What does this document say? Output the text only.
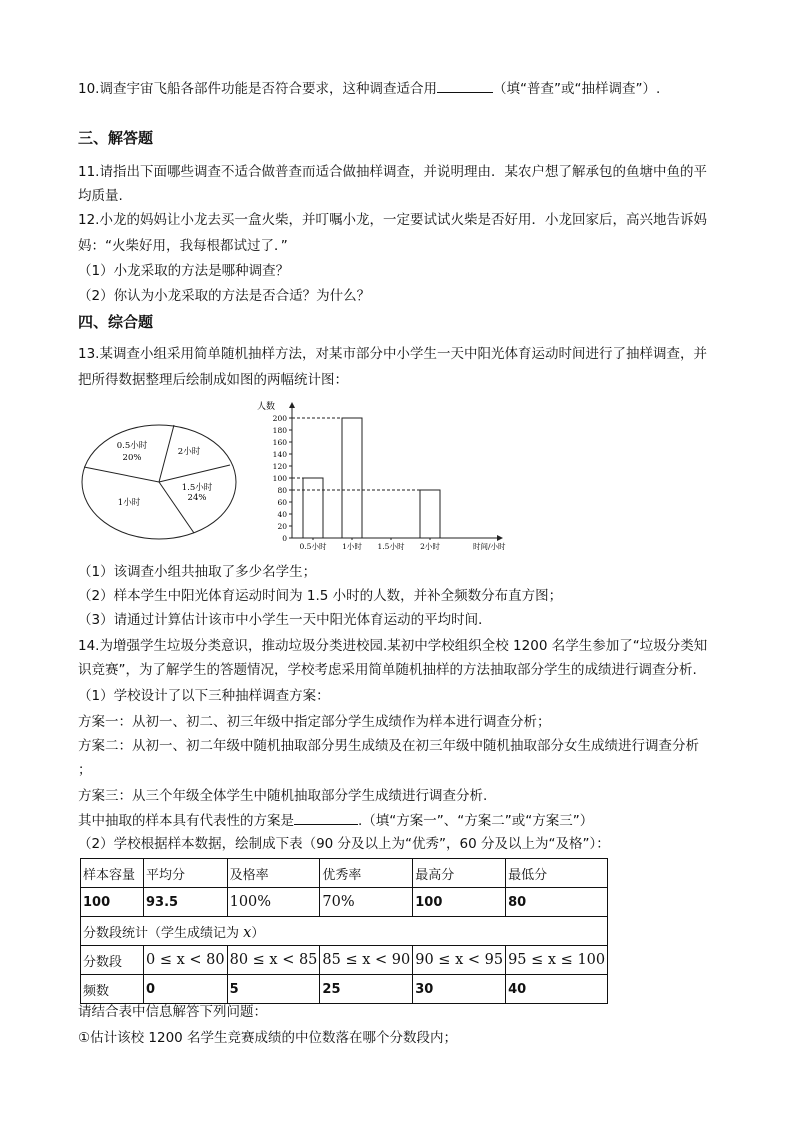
10.调查宇宙飞船各部件功能是否符合要求，这种调查适合用	（填“普查”或“抽样调查”）.
三、解答题
11.请指出下面哪些调查不适合做普查而适合做抽样调查，并说明理由．某农户想了解承包的鱼塘中鱼的平
均质量.
12.小龙的妈妈让小龙去买一盒火柴，并叮嘱小龙，一定要试试火柴是否好用．小龙回家后，高兴地告诉妈
妈：“火柴好用，我每根都试过了．”
（1）小龙采取的方法是哪种调查？
（2）你认为小龙采取的方法是否合适？为什么？
四、综合题
13.某调查小组采用简单随机抽样方法，对某市部分中小学生一天中阳光体育运动时间进行了抽样调查，并
把所得数据整理后绘制成如图的两幅统计图：
0.5小时
20%
2小时
1.5小时
24%
1小时
人数
时间/小时
0
20
40
60
80
100
120
140
160
180
200
0.5小时 1小时 1.5小时 2小时
（1）该调查小组共抽取了多少名学生；
（2）样本学生中阳光体育运动时间为 1.5 小时的人数，并补全频数分布直方图；
（3）请通过计算估计该市中小学生一天中阳光体育运动的平均时间．
14.为增强学生垃圾分类意识，推动垃圾分类进校园.某初中学校组织全校 1200 名学生参加了“垃圾分类知
识竞赛”，为了解学生的答题情况，学校考虑采用简单随机抽样的方法抽取部分学生的成绩进行调查分析.
（1）学校设计了以下三种抽样调查方案：
方案一：从初一、初二、初三年级中指定部分学生成绩作为样本进行调查分析；
方案二：从初一、初二年级中随机抽取部分男生成绩及在初三年级中随机抽取部分女生成绩进行调查分析
；
方案三：从三个年级全体学生中随机抽取部分学生成绩进行调查分析.
其中抽取的样本具有代表性的方案是	.（填“方案一”、“方案二”或“方案三”）
（2）学校根据样本数据，绘制成下表（90 分及以上为“优秀”，60 分及以上为“及格”）：
样本容量	平均分	及格率	优秀率	最高分	最低分
100	93.5	100%	70%	100	80
分数段统计（学生成绩记为 x）					
分数段	0 ≤ x < 80	80 ≤ x < 85	85 ≤ x < 90	90 ≤ x < 95	95 ≤ x ≤ 100
频数	0	5	25	30	40
请结合表中信息解答下列问题：
①估计该校 1200 名学生竞赛成绩的中位数落在哪个分数段内；
